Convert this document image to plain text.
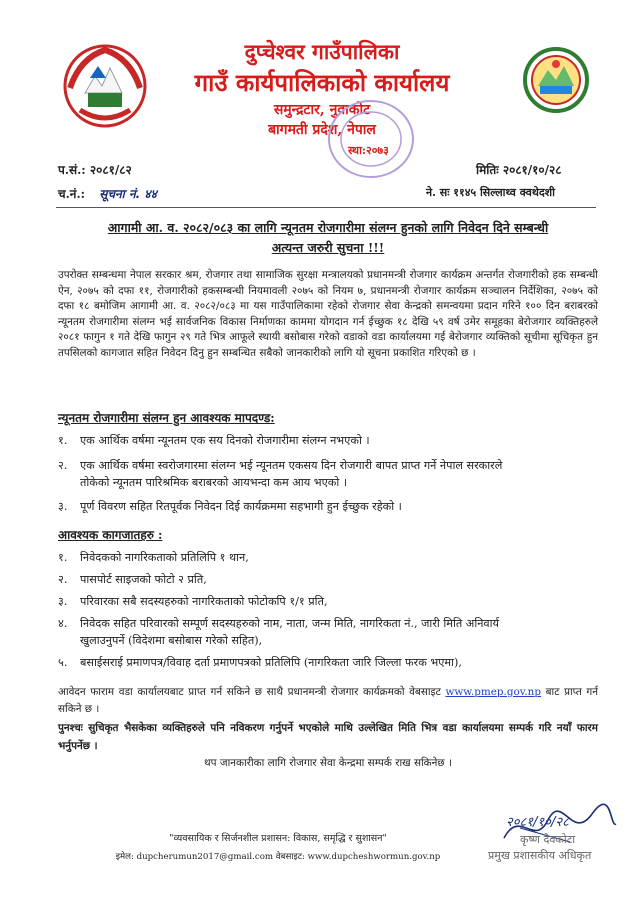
दुप्चेश्वर गाउँपालिका
गाउँ कार्यपालिकाको कार्यालय
समुन्द्रटार, नुवाकोट
बागमती प्रदेश, नेपाल
स्था:२०७३
प.सं.: २०८१/८२	मितिः २०८१/१०/२८
च.नं.: सूचना नं. ४४	ने. सः ११४५ सिल्लाथ्व क्वथेदशी
आगामी आ. व. २०८२/०८३ का लागि न्यूनतम रोजगारीमा संलग्न हुनको लागि निवेदन दिने सम्बन्धी
अत्यन्त जरुरी सुचना !!!
उपरोक्त सम्बन्धमा नेपाल सरकार श्रम, रोजगार तथा सामाजिक सुरक्षा मन्त्रालयको प्रधानमन्त्री रोजगार कार्यक्रम अन्तर्गत रोजगारीको हक सम्बन्धी ऐन, २०७५ को दफा ११, रोजगारीको हकसम्बन्धी नियमावली २०७५ को नियम ७, प्रधानमन्त्री रोजगार कार्यक्रम सञ्चालन निर्देशिका, २०७५ को दफा १८ बमोजिम आगामी आ. व. २०८२/०८३ मा यस गाउँपालिकामा रहेको रोजगार सेवा केन्द्रको समन्वयमा प्रदान गरिने १०० दिन बराबरको न्यूनतम रोजगारीमा संलग्न भई सार्वजनिक विकास निर्माणका काममा योगदान गर्न ईच्छुक १८ देखि ५९ वर्ष उमेर समूहका बेरोजगार व्यक्तिहरुले २०८१ फागुन १ गते देखि फागुन २९ गते भित्र आफूले स्थायी बसोबास गरेको वडाको वडा कार्यालयमा गई बेरोजगार व्यक्तिको सूचीमा सूचिकृत हुन तपसिलको कागजात सहित निवेदन दिनु हुन सम्बन्धित सबैको जानकारीको लागि यो सूचना प्रकाशित गरिएको छ ।
न्यूनतम रोजगारीमा संलग्न हुन आवश्यक मापदण्ड:
१. एक आर्थिक वर्षमा न्यूनतम एक सय दिनको रोजगारीमा संलग्न नभएको ।
२. एक आर्थिक वर्षमा स्वरोजगारमा संलग्न भई न्यूनतम एकसय दिन रोजगारी बापत प्राप्त गर्ने नेपाल सरकारले
तोकेको न्यूनतम पारिश्रमिक बराबरको आयभन्दा कम आय भएको ।
३. पूर्ण विवरण सहित रितपूर्वक निवेदन दिई कार्यक्रममा सहभागी हुन ईच्छुक रहेको ।
आवश्यक कागजातहरु :
१. निवेदकको नागरिकताको प्रतिलिपि १ थान,
२. पासपोर्ट साइजको फोटो २ प्रति,
३. परिवारका सबै सदस्यहरुको नागरिकताको फोटोकपि १/१ प्रति,
४. निवेदक सहित परिवारको सम्पूर्ण सदस्यहरुको नाम, नाता, जन्म मिति, नागरिकता नं., जारी मिति अनिवार्य
खुलाउनुपर्ने (विदेशमा बसोबास गरेको सहित),
५. बसाईसराई प्रमाणपत्र/विवाह दर्ता प्रमाणपत्रको प्रतिलिपि (नागरिकता जारि जिल्ला फरक भएमा),
आवेदन फाराम वडा कार्यालयबाट प्राप्त गर्न सकिने छ साथै प्रधानमन्त्री रोजगार कार्यक्रमको वेबसाइट www.pmep.gov.np बाट प्राप्त गर्न सकिने छ ।
पुनश्चः सुचिकृत भैसकेका व्यक्तिहरुले पनि नविकरण गर्नुपर्ने भएकोले माथि उल्लेखित मिति भित्र वडा कार्यालयमा सम्पर्क गरि नयाँ फारम भर्नुपर्नेछ ।
थप जानकारीका लागि रोजगार सेवा केन्द्रमा सम्पर्क राख सकिनेछ ।
२०८१/१०/२८
कृष्ण देवकोटा
प्रमुख प्रशासकीय अधिकृत
"व्यवसायिक र सिर्जनशील प्रशासन: विकास, समृद्धि र सुशासन"
इमेल: dupcherumun2017@gmail.com वेबसाइट: www.dupcheshwormun.gov.np
